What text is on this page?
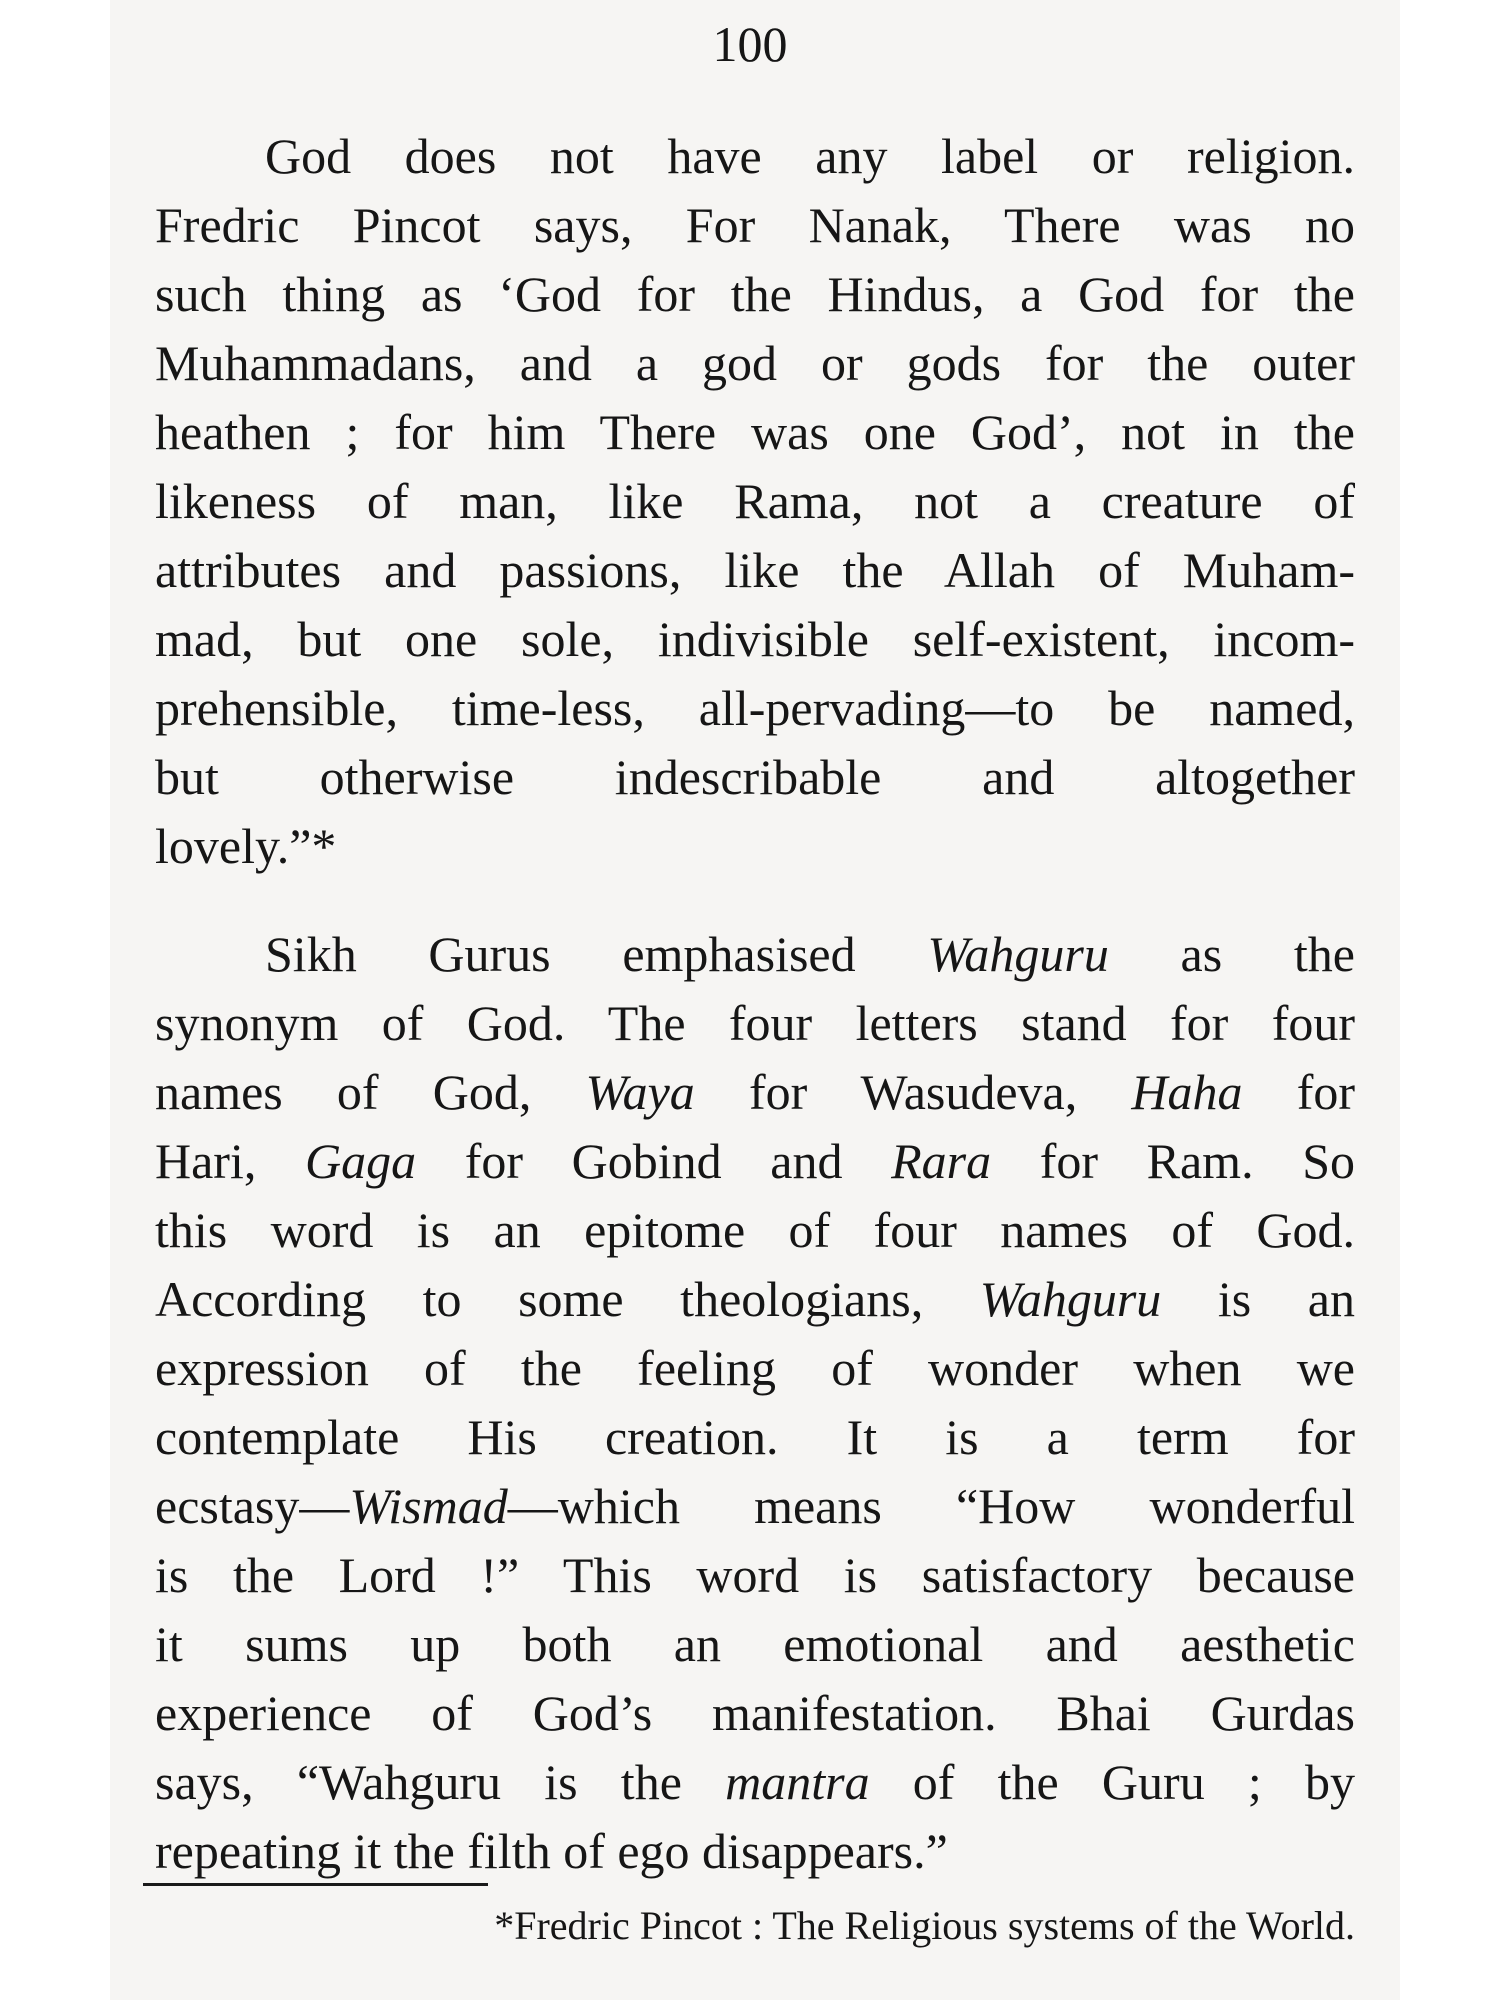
100
God does not have any label or religion.
Fredric Pincot says, For Nanak, There was no
such thing as ‘God for the Hindus, a God for the
Muhammadans, and a god or gods for the outer
heathen ; for him There was one God’, not in the
likeness of man, like Rama, not a creature of
attributes and passions, like the Allah of Muham-
mad, but one sole, indivisible self-existent, incom-
prehensible, time-less, all-pervading—to be named,
but otherwise indescribable and altogether
lovely.”*
Sikh Gurus emphasised Wahguru as the
synonym of God. The four letters stand for four
names of God, Waya for Wasudeva, Haha for
Hari, Gaga for Gobind and Rara for Ram. So
this word is an epitome of four names of God.
According to some theologians, Wahguru is an
expression of the feeling of wonder when we
contemplate His creation. It is a term for
ecstasy—Wismad—which means “How wonderful
is the Lord !” This word is satisfactory because
it sums up both an emotional and aesthetic
experience of God’s manifestation. Bhai Gurdas
says, “Wahguru is the mantra of the Guru ; by
repeating it the filth of ego disappears.”
*Fredric Pincot : The Religious systems of the World.
